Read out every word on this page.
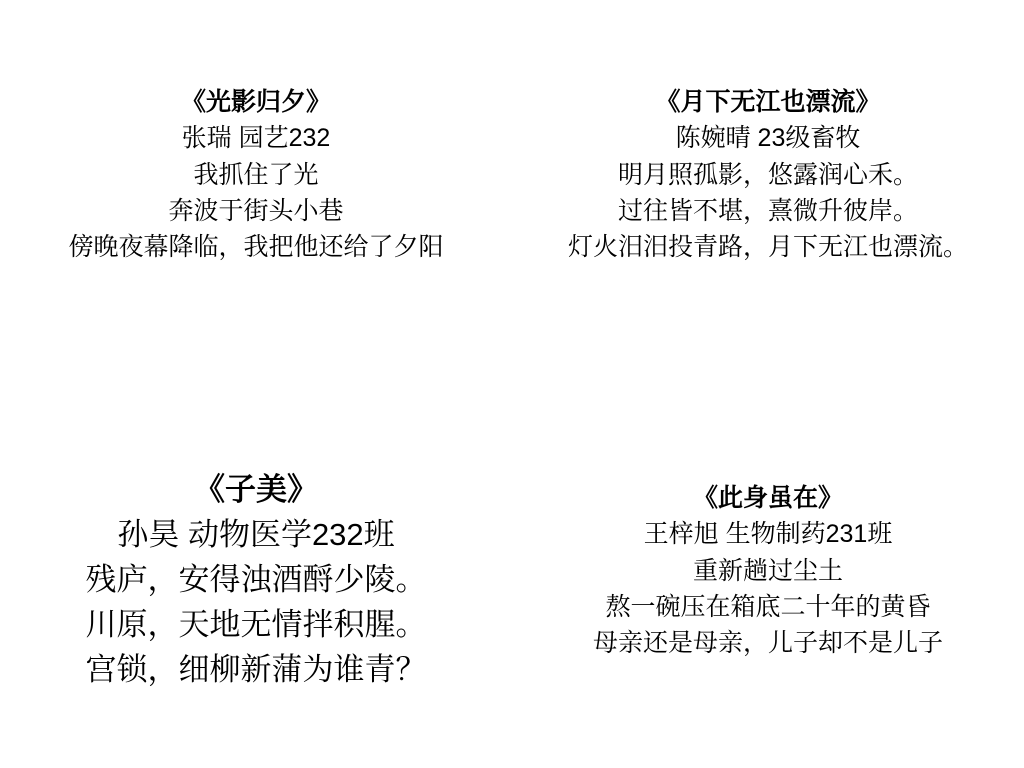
《光影归夕》
张瑞 园艺232
我抓住了光
奔波于街头小巷
傍晚夜幕降临，我把他还给了夕阳
《月下无江也漂流》
陈婉晴 23级畜牧
明月照孤影，悠露润心禾。
过往皆不堪，熹微升彼岸。
灯火汨汨投青路，月下无江也漂流。
《子美》
孙昊 动物医学232班
残庐，安得浊酒酹少陵。
川原，天地无情拌积腥。
宫锁，细柳新蒲为谁青？
《此身虽在》
王梓旭 生物制药231班
重新趟过尘土
熬一碗压在箱底二十年的黄昏
母亲还是母亲，儿子却不是儿子
